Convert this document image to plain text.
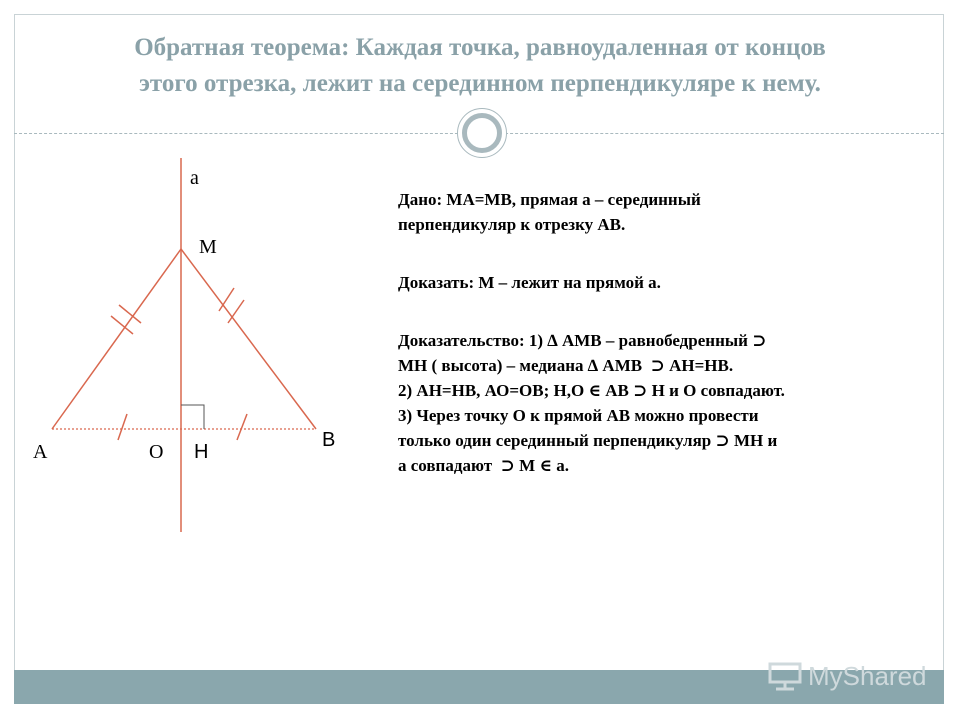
Обратная теорема: Каждая точка, равноудаленная от концов
этого отрезка, лежит на серединном перпендикуляре к нему.
a
M
A	O H
B
Дано: МА=МВ, прямая а – серединный
перпендикуляр к отрезку АВ.
Доказать: М – лежит на прямой а.
Доказательство: 1) ∆ АМВ – равнобедренный ⊃
МН ( высота) – медиана ∆ АМВ ⊃ АН=НВ.
2) АН=НВ, АО=ОВ; Н,О ∈ АВ ⊃ Н и О совпадают.
3) Через точку О к прямой АВ можно провести
только один серединный перпендикуляр ⊃ МН и
а совпадают ⊃ М ∈ а.
MyShared
